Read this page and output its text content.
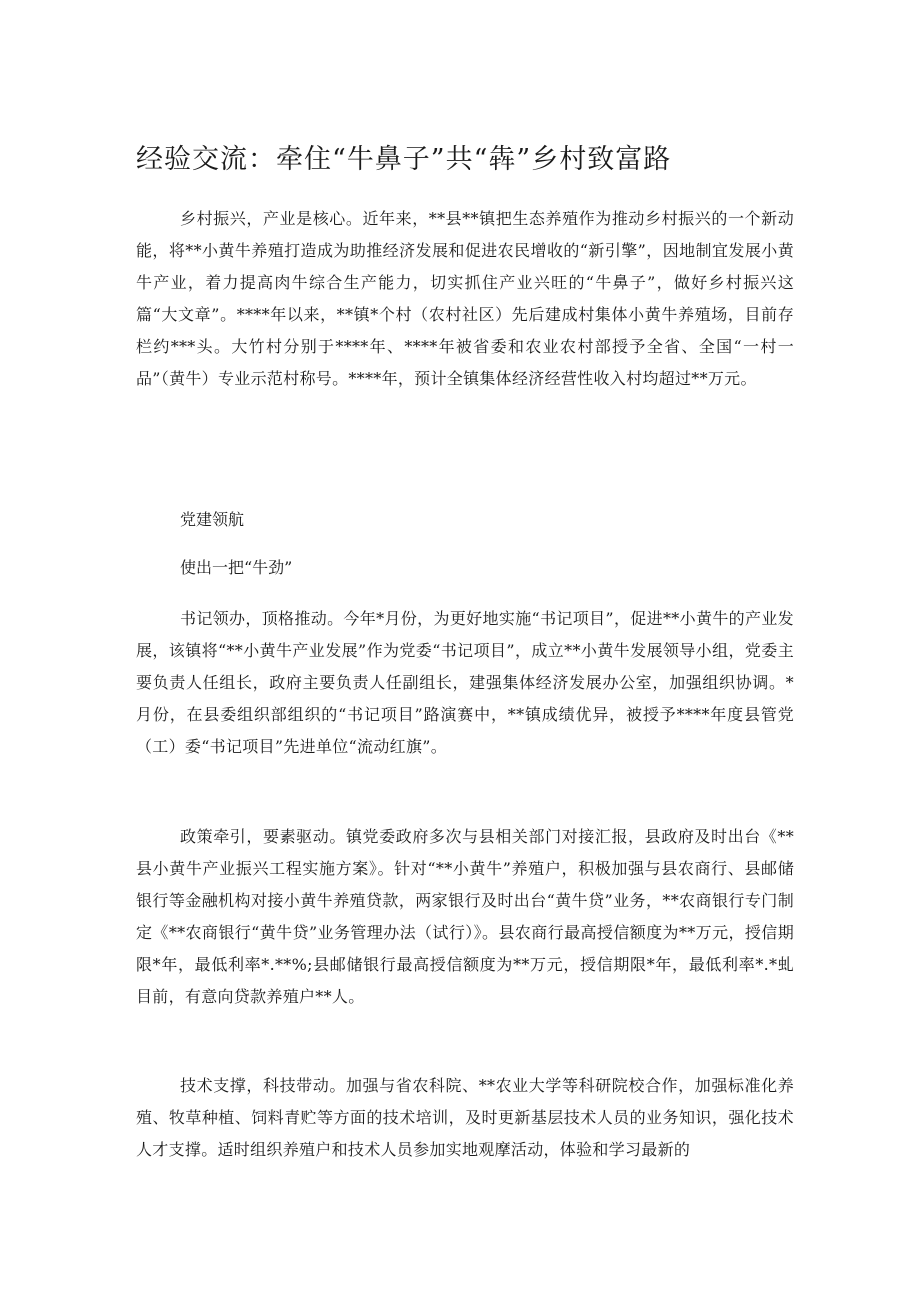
经验交流：牵住“牛鼻子”共“犇”乡村致富路

乡村振兴，产业是核心。近年来，**县**镇把生态养殖作为推动乡村振兴的一个新动能，将**小黄牛养殖打造成为助推经济发展和促进农民增收的“新引擎”，因地制宜发展小黄牛产业，着力提高肉牛综合生产能力，切实抓住产业兴旺的“牛鼻子”，做好乡村振兴这篇“大文章”。****年以来，**镇*个村（农村社区）先后建成村集体小黄牛养殖场，目前存栏约***头。大竹村分别于****年、****年被省委和农业农村部授予全省、全国“一村一品”（黄牛）专业示范村称号。****年，预计全镇集体经济经营性收入村均超过**万元。

党建领航

使出一把“牛劲”

书记领办，顶格推动。今年*月份，为更好地实施“书记项目”，促进**小黄牛的产业发展，该镇将“**小黄牛产业发展”作为党委“书记项目”，成立**小黄牛发展领导小组，党委主要负责人任组长，政府主要负责人任副组长，建强集体经济发展办公室，加强组织协调。*月份，在县委组织部组织的“书记项目”路演赛中，**镇成绩优异，被授予****年度县管党（工）委“书记项目”先进单位“流动红旗”。

政策牵引，要素驱动。镇党委政府多次与县相关部门对接汇报，县政府及时出台《**县小黄牛产业振兴工程实施方案》。针对“**小黄牛”养殖户，积极加强与县农商行、县邮储银行等金融机构对接小黄牛养殖贷款，两家银行及时出台“黄牛贷”业务，**农商银行专门制定《**农商银行“黄牛贷”业务管理办法（试行）》。县农商行最高授信额度为**万元，授信期限*年，最低利率*.**%;县邮储银行最高授信额度为**万元，授信期限*年，最低利率*.*虬目前，有意向贷款养殖户**人。

技术支撑，科技带动。加强与省农科院、**农业大学等科研院校合作，加强标准化养殖、牧草种植、饲料青贮等方面的技术培训，及时更新基层技术人员的业务知识，强化技术人才支撑。适时组织养殖户和技术人员参加实地观摩活动，体验和学习最新的
